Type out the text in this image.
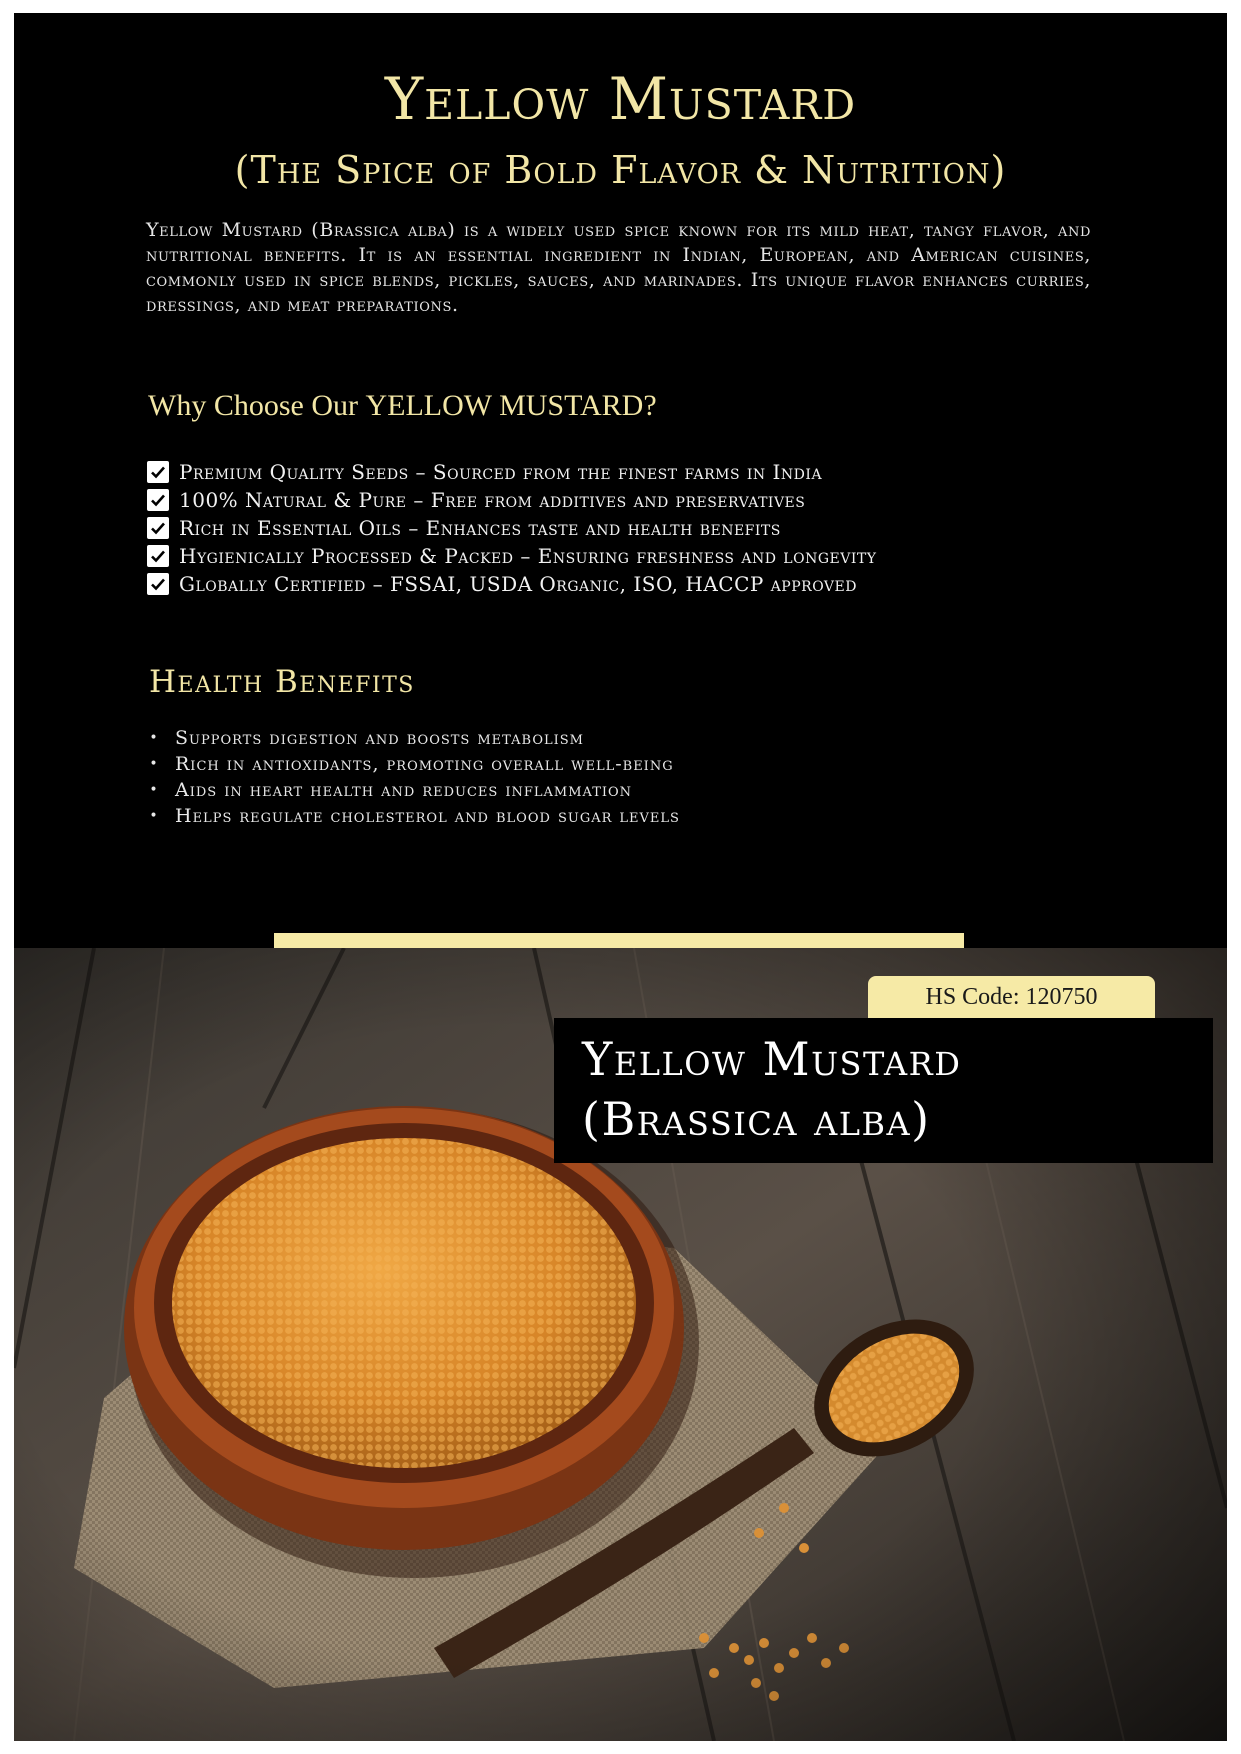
Yellow Mustard
(The Spice of Bold Flavor & Nutrition)
Yellow Mustard (Brassica alba) is a widely used spice known for its mild heat, tangy flavor, and nutritional benefits. It is an essential ingredient in Indian, European, and American cuisines, commonly used in spice blends, pickles, sauces, and marinades. Its unique flavor enhances curries, dressings, and meat preparations.
Why Choose Our YELLOW MUSTARD?
Premium Quality Seeds – Sourced from the finest farms in India
100% Natural & Pure – Free from additives and preservatives
Rich in Essential Oils – Enhances taste and health benefits
Hygienically Processed & Packed – Ensuring freshness and longevity
Globally Certified – FSSAI, USDA Organic, ISO, HACCP approved
Health Benefits
• Supports digestion and boosts metabolism
• Rich in antioxidants, promoting overall well-being
• Aids in heart health and reduces inflammation
• Helps regulate cholesterol and blood sugar levels
HS Code: 120750
Yellow Mustard
(Brassica alba)
